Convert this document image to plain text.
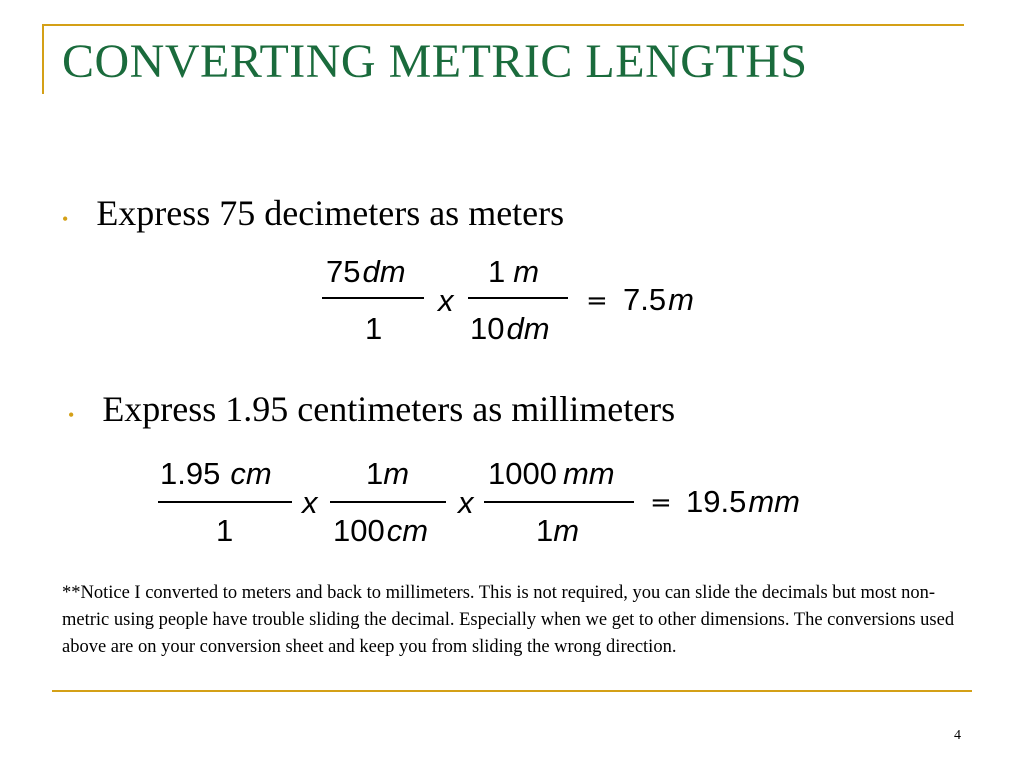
CONVERTING METRIC LENGTHS
• Express 75 decimeters as meters
75dm
1
x
1 m
10dm
= 7.5m
• Express 1.95 centimeters as millimeters
1.95 cm
1
x
1m
100cm
x
1000 mm
1m
= 19.5mm

**Notice I converted to meters and back to millimeters. This is not required, you can slide the decimals but most non-metric using people have trouble sliding the decimal. Especially when we get to other dimensions. The conversions used above are on your conversion sheet and keep you from sliding the wrong direction.

4
